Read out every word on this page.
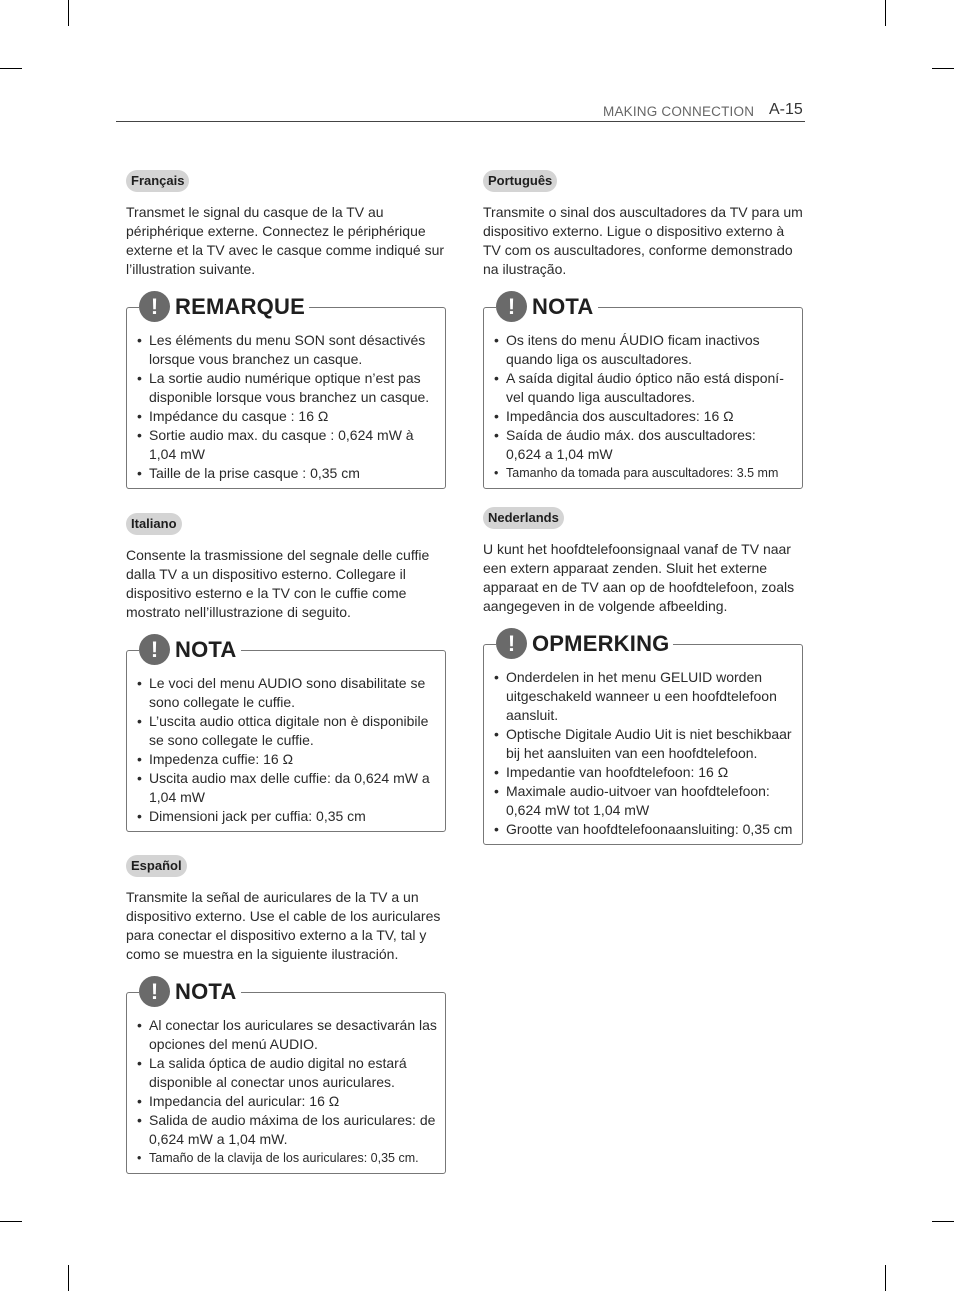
MAKING CONNECTION A-15
Français
Transmet le signal du casque de la TV au périphérique externe. Connectez le périphérique externe et la TV avec le casque comme indiqué sur l’illustration suivante.
! REMARQUE
• Les éléments du menu SON sont désactivés lorsque vous branchez un casque.
• La sortie audio numérique optique n’est pas disponible lorsque vous branchez un casque.
• Impédance du casque : 16 Ω
• Sortie audio max. du casque : 0,624 mW à 1,04 mW
• Taille de la prise casque : 0,35 cm
Italiano
Consente la trasmissione del segnale delle cuffie dalla TV a un dispositivo esterno. Collegare il dispositivo esterno e la TV con le cuffie come mostrato nell’illustrazione di seguito.
! NOTA
• Le voci del menu AUDIO sono disabilitate se sono collegate le cuffie.
• L’uscita audio ottica digitale non è disponibile se sono collegate le cuffie.
• Impedenza cuffie: 16 Ω
• Uscita audio max delle cuffie: da 0,624 mW a 1,04 mW
• Dimensioni jack per cuffia: 0,35 cm
Español
Transmite la señal de auriculares de la TV a un dispositivo externo. Use el cable de los auriculares para conectar el dispositivo externo a la TV, tal y como se muestra en la siguiente ilustración.
! NOTA
• Al conectar los auriculares se desactivarán las opciones del menú AUDIO.
• La salida óptica de audio digital no estará disponible al conectar unos auriculares.
• Impedancia del auricular: 16 Ω
• Salida de audio máxima de los auriculares: de 0,624 mW a 1,04 mW.
• Tamaño de la clavija de los auriculares: 0,35 cm.
Português
Transmite o sinal dos auscultadores da TV para um dispositivo externo. Ligue o dispositivo externo à TV com os auscultadores, conforme demonstrado na ilustração.
! NOTA
• Os itens do menu ÁUDIO ficam inactivos quando liga os auscultadores.
• A saída digital áudio óptico não está disponí-vel quando liga auscultadores.
• Impedância dos auscultadores: 16 Ω
• Saída de áudio máx. dos auscultadores: 0,624 a 1,04 mW
• Tamanho da tomada para auscultadores: 3.5 mm
Nederlands
U kunt het hoofdtelefoonsignaal vanaf de TV naar een extern apparaat zenden. Sluit het externe apparaat en de TV aan op de hoofdtelefoon, zoals aangegeven in de volgende afbeelding.
! OPMERKING
• Onderdelen in het menu GELUID worden uitgeschakeld wanneer u een hoofdtelefoon aansluit.
• Optische Digitale Audio Uit is niet beschikbaar bij het aansluiten van een hoofdtelefoon.
• Impedantie van hoofdtelefoon: 16 Ω
• Maximale audio-uitvoer van hoofdtelefoon: 0,624 mW tot 1,04 mW
• Grootte van hoofdtelefoonaansluiting: 0,35 cm
